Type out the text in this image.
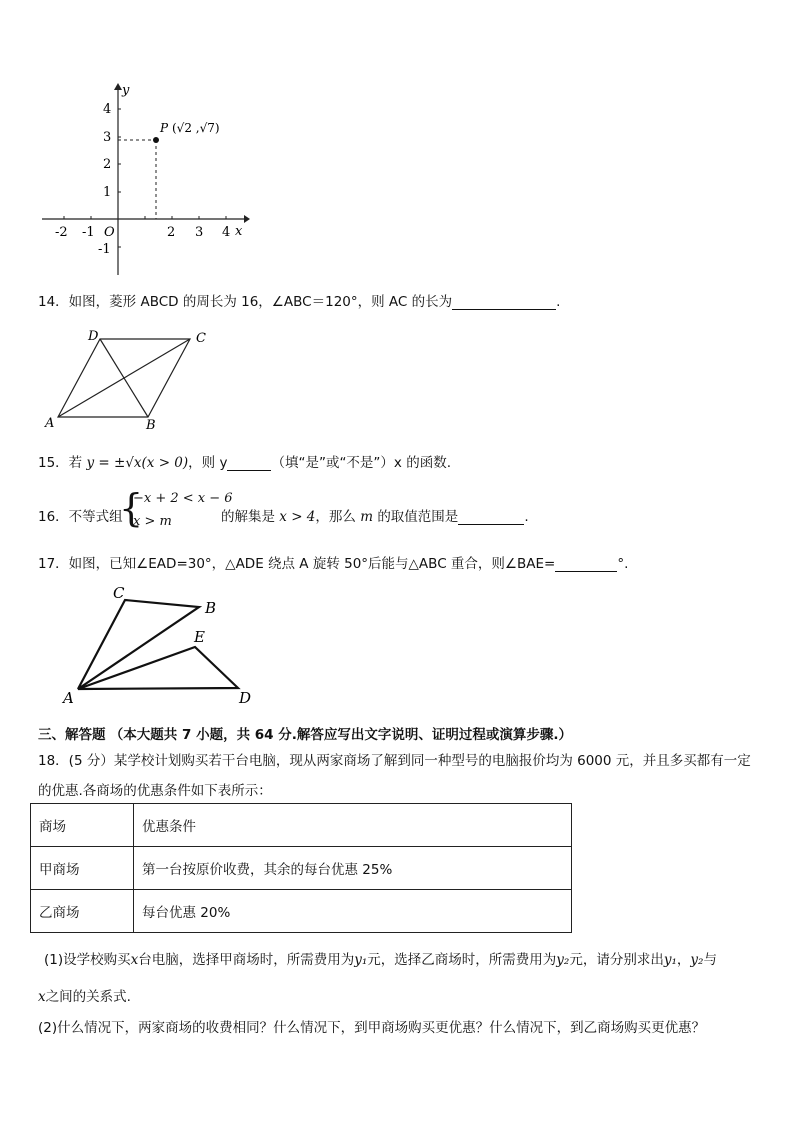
y
x
O
4
3
2
1
-1
-2 -1	2 3 4
P (√2 ,√7)
14．如图，菱形 ABCD 的周长为 16，∠ABC＝120°，则 AC 的长为	.
A	B
C
D
15．若 y = ±√x(x > 0)，则 y	（填“是”或“不是”）x 的函数.
16．不等式组
{
−x + 2 < x − 6
x > m	的解集是 x > 4，那么 m 的取值范围是	.
17．如图，已知∠EAD=30°，△ADE 绕点 A 旋转 50°后能与△ABC 重合，则∠BAE=	°.
A
B
C
D
E
三、解答题 （本大题共 7 小题，共 64 分.解答应写出文字说明、证明过程或演算步骤.）
18．(5 分）某学校计划购买若干台电脑，现从两家商场了解到同一种型号的电脑报价均为 6000 元，并且多买都有一定
的优惠.各商场的优惠条件如下表所示：
商场	优惠条件
甲商场	第一台按原价收费，其余的每台优惠 25%
乙商场	每台优惠 20%
(1)设学校购买x台电脑，选择甲商场时，所需费用为y₁元，选择乙商场时，所需费用为y₂元，请分别求出y₁，y₂与
x之间的关系式.
(2)什么情况下，两家商场的收费相同？什么情况下，到甲商场购买更优惠？什么情况下，到乙商场购买更优惠？
